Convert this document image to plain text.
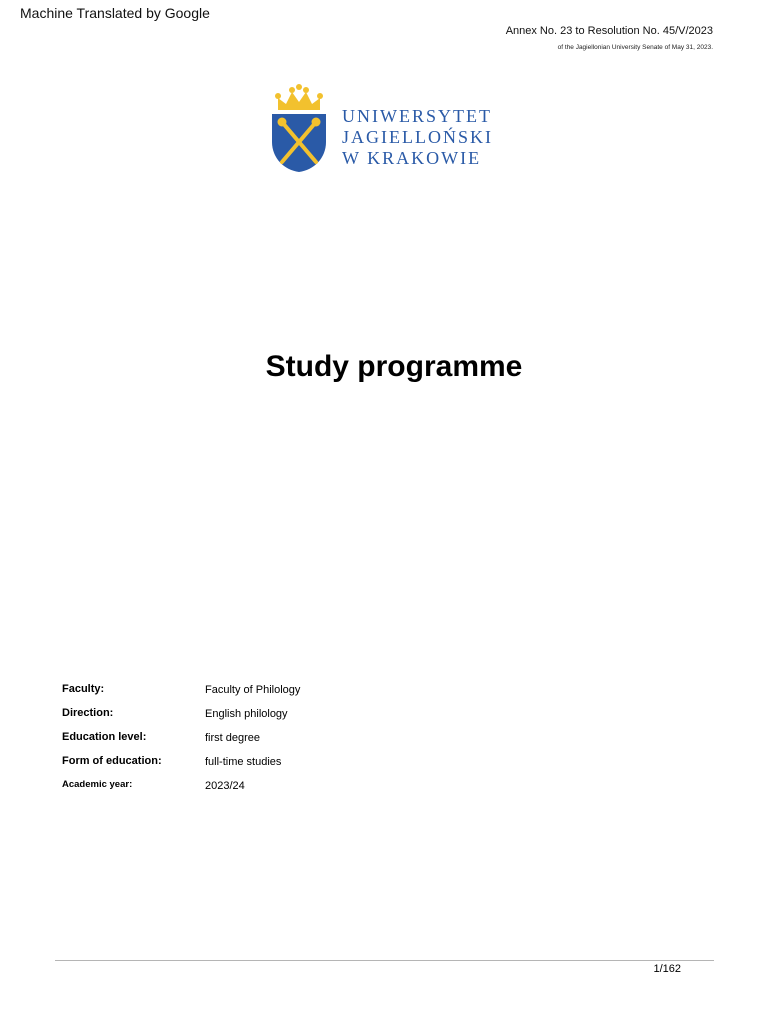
Machine Translated by Google
Annex No. 23 to Resolution No. 45/V/2023
of the Jagiellonian University Senate of May 31, 2023.
UNIWERSYTET
JAGIELLOŃSKI
W KRAKOWIE
Study programme
Faculty:	Faculty of Philology
Direction:	English philology
Education level:	first degree
Form of education:	full-time studies
Academic year:	2023/24
1/162
